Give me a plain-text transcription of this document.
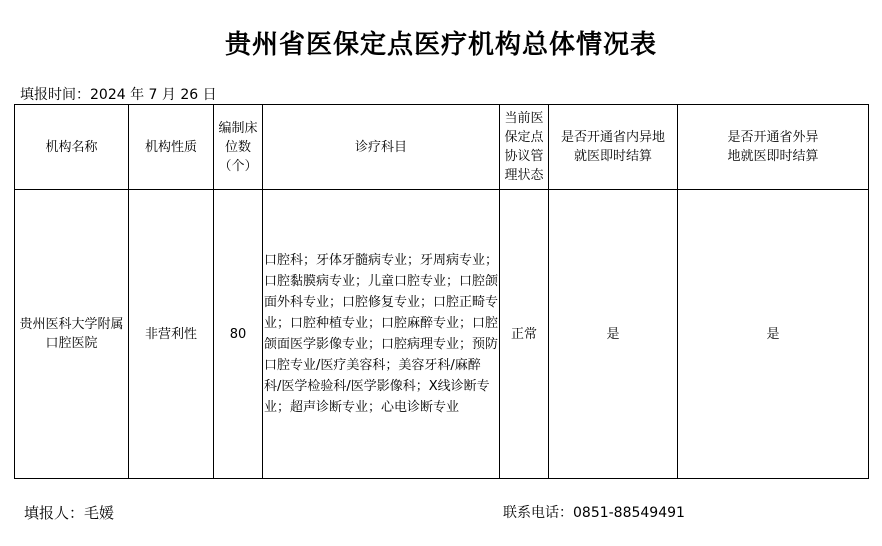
贵州省医保定点医疗机构总体情况表
填报时间：2024 年 7 月 26 日
机构名称	机构性质	编制床位数（个）	诊疗科目	当前医保定点协议管理状态	是否开通省内异地就医即时结算	是否开通省外异地就医即时结算
贵州医科大学附属口腔医院	非营利性	80	口腔科；牙体牙髓病专业；牙周病专业；口腔黏膜病专业；儿童口腔专业；口腔颌面外科专业；口腔修复专业；口腔正畸专业；口腔种植专业；口腔麻醉专业；口腔颌面医学影像专业；口腔病理专业；预防口腔专业/医疗美容科；美容牙科/麻醉科/医学检验科/医学影像科；X线诊断专业；超声诊断专业；心电诊断专业	正常	是	是
填报人：毛媛	联系电话：0851-88549491
